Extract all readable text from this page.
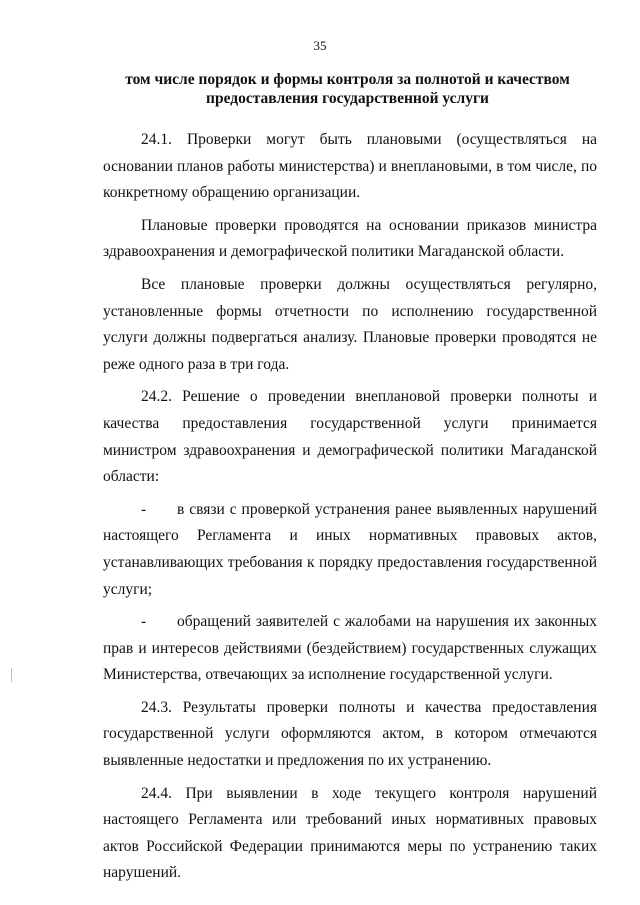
35
том числе порядок и формы контроля за полнотой и качеством предоставления государственной услуги

24.1. Проверки могут быть плановыми (осуществляться на основании планов работы министерства) и внеплановыми, в том числе, по конкретному обращению организации.

Плановые проверки проводятся на основании приказов министра здравоохранения и демографической политики Магаданской области.

Все плановые проверки должны осуществляться регулярно, установленные формы отчетности по исполнению государственной услуги должны подвергаться анализу. Плановые проверки проводятся не реже одного раза в три года.

24.2. Решение о проведении внеплановой проверки полноты и качества предоставления государственной услуги принимается министром здравоохранения и демографической политики Магаданской области:

- в связи с проверкой устранения ранее выявленных нарушений настоящего Регламента и иных нормативных правовых актов, устанавливающих требования к порядку предоставления государственной услуги;

- обращений заявителей с жалобами на нарушения их законных прав и интересов действиями (бездействием) государственных служащих Министерства, отвечающих за исполнение государственной услуги.

24.3. Результаты проверки полноты и качества предоставления государственной услуги оформляются актом, в котором отмечаются выявленные недостатки и предложения по их устранению.

24.4. При выявлении в ходе текущего контроля нарушений настоящего Регламента или требований иных нормативных правовых актов Российской Федерации принимаются меры по устранению таких нарушений.
